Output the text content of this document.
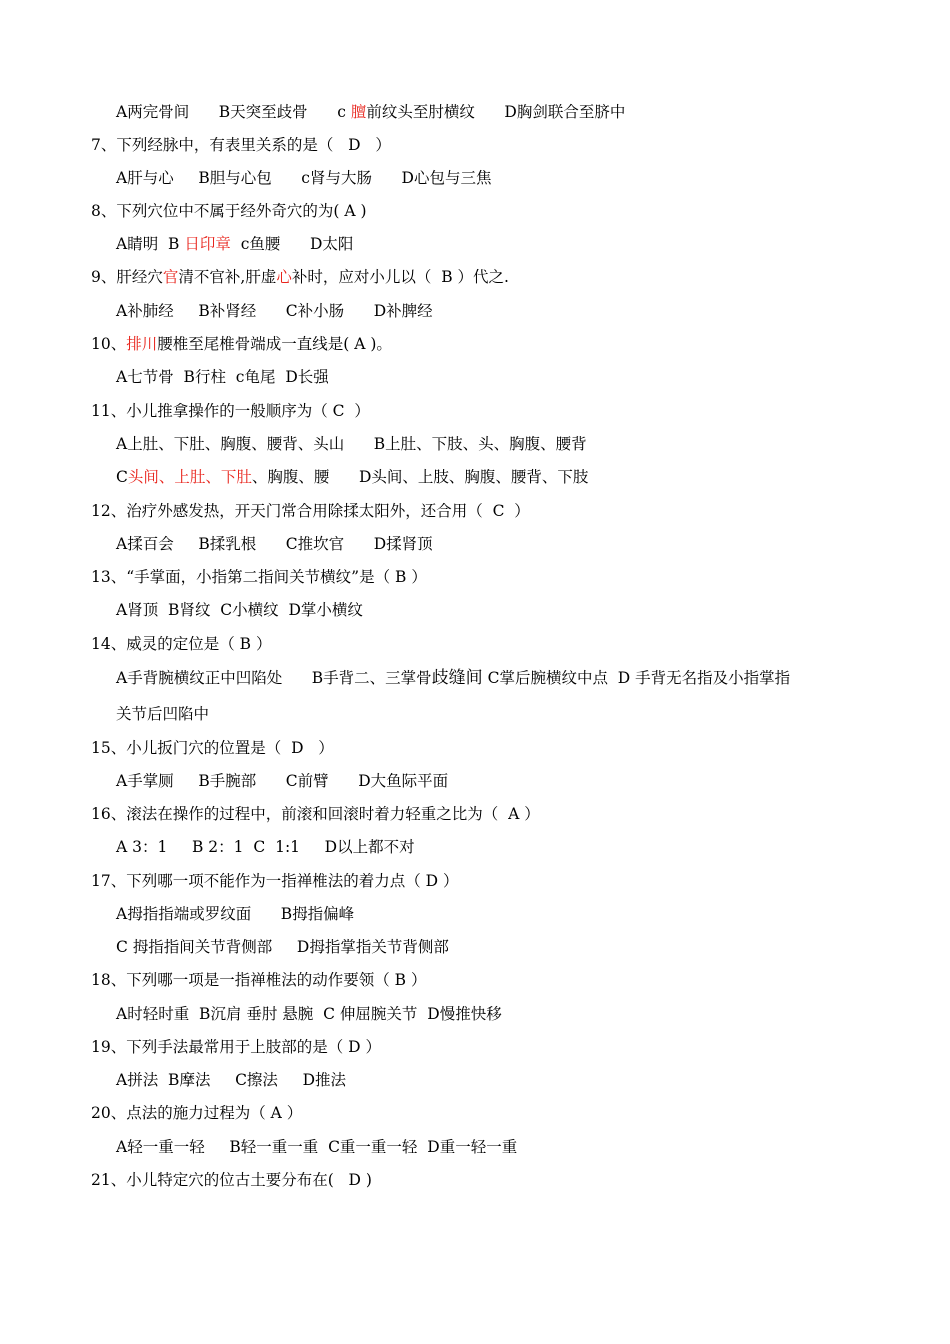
A两完骨间      B天突至歧骨      c 膻前纹头至肘横纹      D胸剑联合至脐中
7、下列经脉中，有表里关系的是（   D   ）
A肝与心     B胆与心包      c肾与大肠      D心包与三焦
8、下列穴位中不属于经外奇穴的为( A )
A睛明  B 日印章  c鱼腰      D太阳
9、肝经穴官清不官补,肝虚心补时，应对小儿以（  B ）代之.
A补肺经     B补肾经      C补小肠      D补脾经
10、排川腰椎至尾椎骨端成一直线是( A )。
A七节骨  B行柱  c龟尾  D长强
11、小儿推拿操作的一般顺序为（ C  ）
A上肚、下肚、胸腹、腰背、头山      B上肚、下肢、头、胸腹、腰背
C头间、上肚、下肚、胸腹、腰      D头间、上肢、胸腹、腰背、下肢
12、治疗外感发热，开天门常合用除揉太阳外，还合用（  C  ）
A揉百会     B揉乳根      C推坎官      D揉肾顶
13、“手掌面，小指第二指间关节横纹”是（ B ）
A肾顶  B肾纹  C小横纹  D掌小横纹
14、威灵的定位是（ B ）
A手背腕横纹正中凹陷处      B手背二、三掌骨歧缝间 C掌后腕横纹中点  D 手背无名指及小指掌指
关节后凹陷中
15、小儿扳门穴的位置是（  D   ）
A手掌厕     B手腕部      C前臂      D大鱼际平面
16、滚法在操作的过程中，前滚和回滚时着力轻重之比为（  A ）
A 3：1     B 2：1  C  1:1     D以上都不对
17、下列哪一项不能作为一指禅椎法的着力点（ D ）
A拇指指端或罗纹面      B拇指偏峰
C 拇指指间关节背侧部     D拇指掌指关节背侧部
18、下列哪一项是一指禅椎法的动作要领（ B ）
A时轻时重  B沉肩 垂肘 悬腕  C 伸屈腕关节  D慢推快移
19、下列手法最常用于上肢部的是（ D ）
A拼法  B摩法     C擦法     D推法
20、点法的施力过程为（ A ）
A轻一重一轻     B轻一重一重  C重一重一轻  D重一轻一重
21、小儿特定穴的位古土要分布在(   D )
